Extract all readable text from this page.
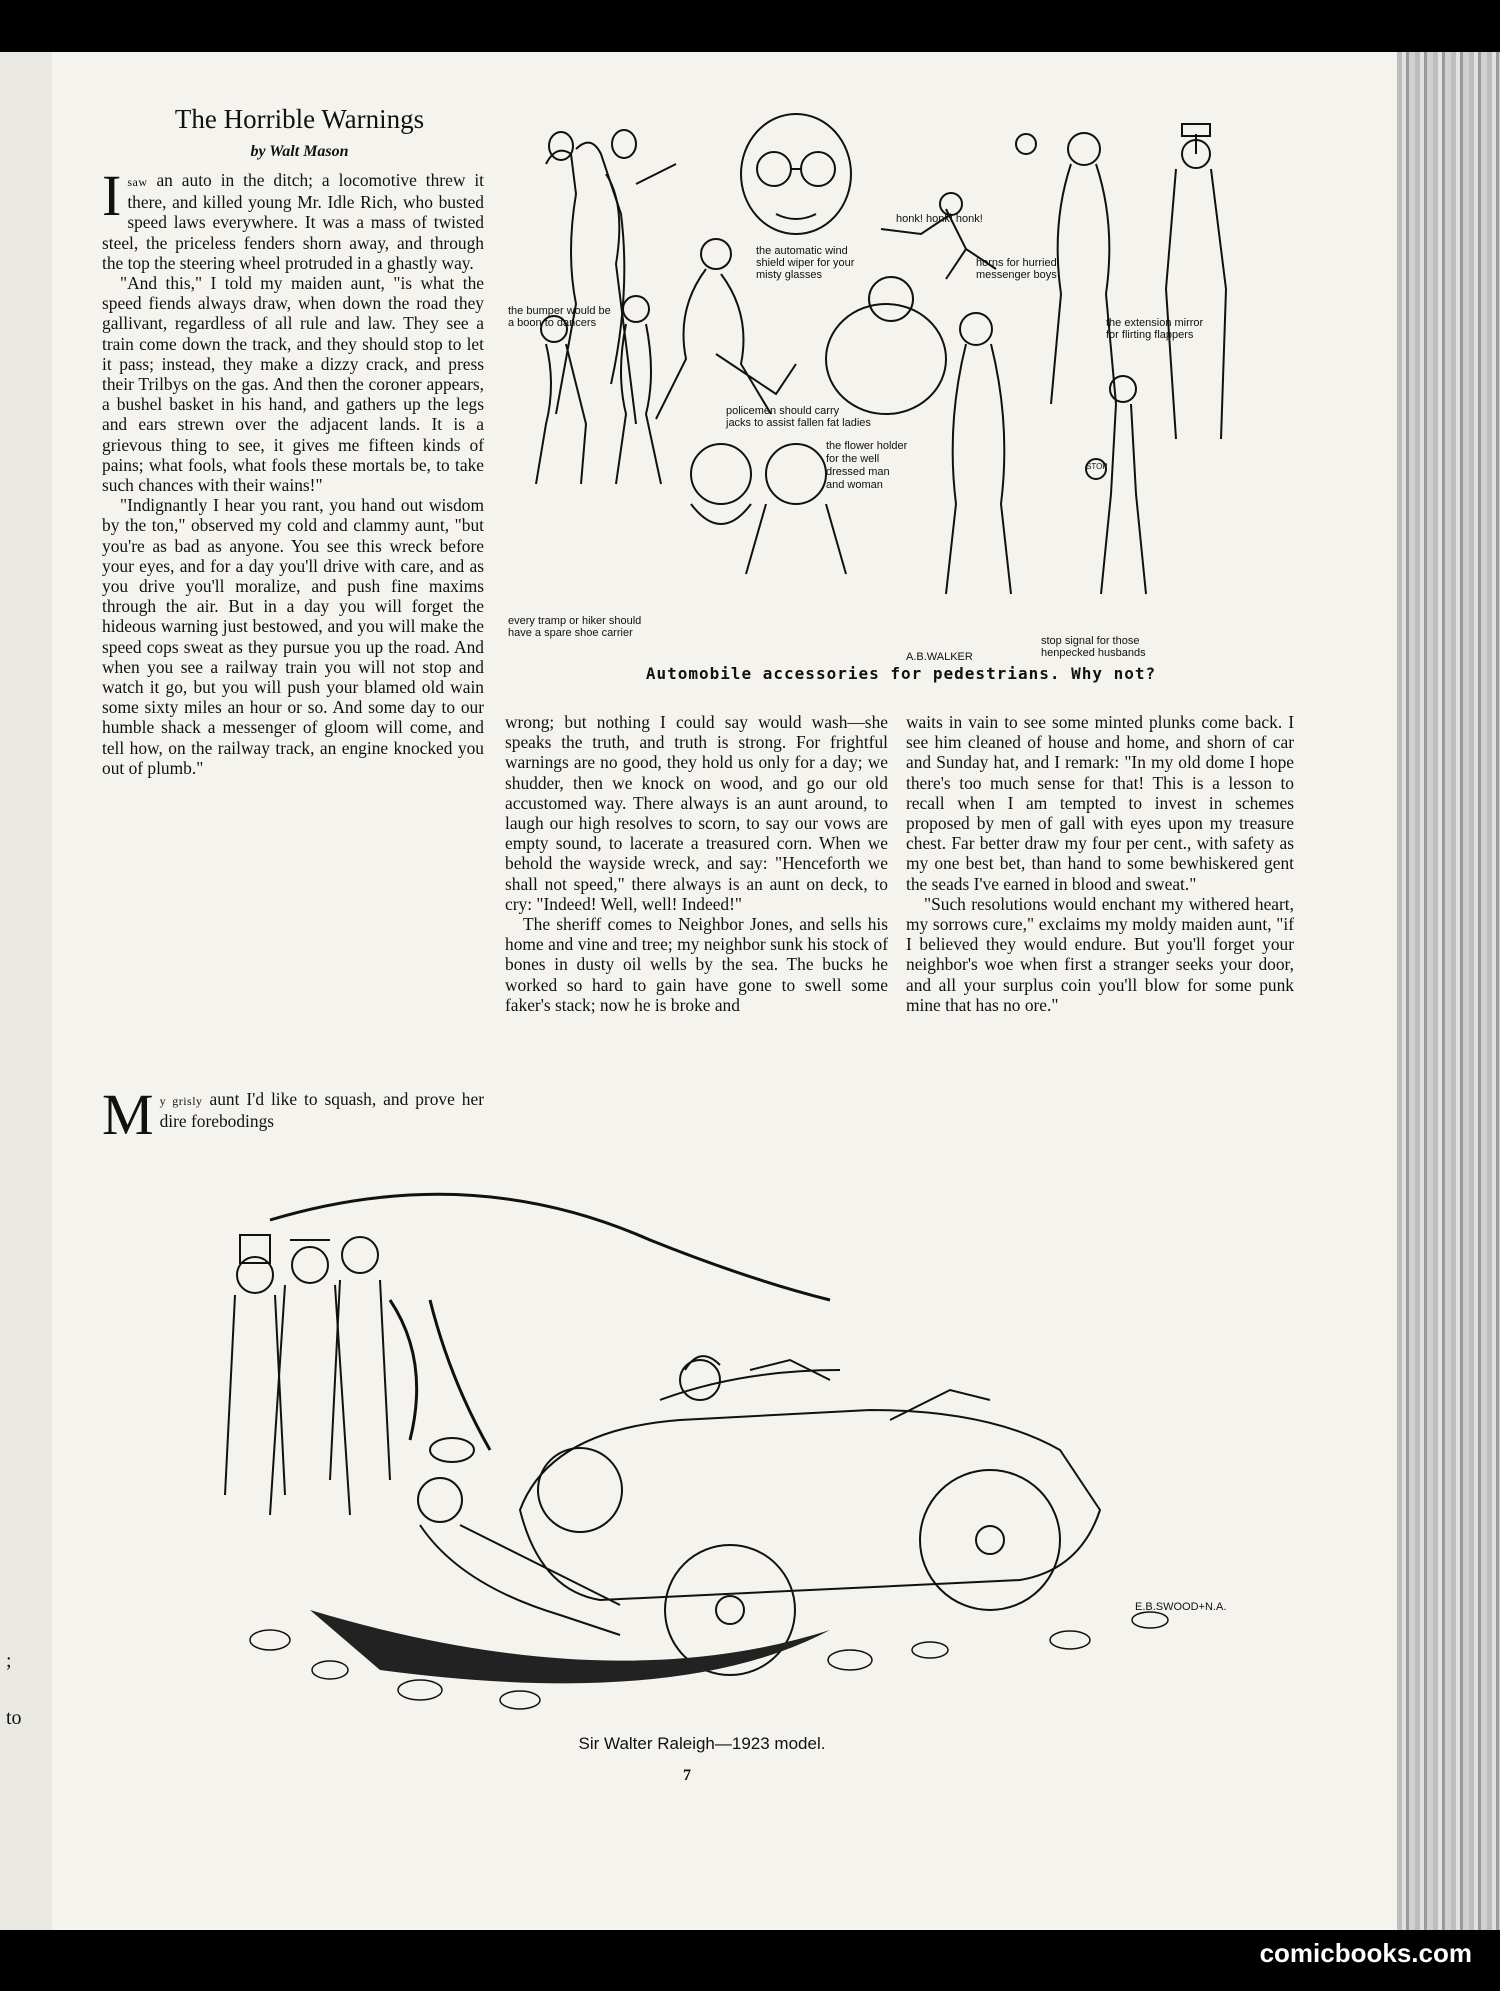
;
to
The Horrible Warnings
by Walt Mason

Isaw an auto in the ditch; a locomotive threw it there, and killed young Mr. Idle Rich, who busted speed laws everywhere. It was a mass of twisted steel, the priceless fenders shorn away, and through the top the steering wheel protruded in a ghastly way.

"And this," I told my maiden aunt, "is what the speed fiends always draw, when down the road they gallivant, regardless of all rule and law. They see a train come down the track, and they should stop to let it pass; instead, they make a dizzy crack, and press their Trilbys on the gas. And then the coroner appears, a bushel basket in his hand, and gathers up the legs and ears strewn over the adjacent lands. It is a grievous thing to see, it gives me fifteen kinds of pains; what fools, what fools these mortals be, to take such chances with their wains!"

"Indignantly I hear you rant, you hand out wisdom by the ton," observed my cold and clammy aunt, "but you're as bad as anyone. You see this wreck before your eyes, and for a day you'll drive with care, and as you drive you'll moralize, and push fine maxims through the air. But in a day you will forget the hideous warning just bestowed, and you will make the speed cops sweat as they pursue you up the road. And when you see a railway train you will not stop and watch it go, but you will push your blamed old wain some sixty miles an hour or so. And some day to our humble shack a messenger of gloom will come, and tell how, on the railway track, an engine knocked you out of plumb."

My grisly aunt I'd like to squash, and prove her dire forebodings

wrong; but nothing I could say would wash—she speaks the truth, and truth is strong. For frightful warnings are no good, they hold us only for a day; we shudder, then we knock on wood, and go our old accustomed way. There always is an aunt around, to laugh our high resolves to scorn, to say our vows are empty sound, to lacerate a treasured corn. When we behold the wayside wreck, and say: "Henceforth we shall not speed," there always is an aunt on deck, to cry: "Indeed! Well, well! Indeed!"

The sheriff comes to Neighbor Jones, and sells his home and vine and tree; my neighbor sunk his stock of bones in dusty oil wells by the sea. The bucks he worked so hard to gain have gone to swell some faker's stack; now he is broke and

waits in vain to see some minted plunks come back. I see him cleaned of house and home, and shorn of car and Sunday hat, and I remark: "In my old dome I hope there's too much sense for that! This is a lesson to recall when I am tempted to invest in schemes proposed by men of gall with eyes upon my treasure chest. Far better draw my four per cent., with safety as my one best bet, than hand to some bewhiskered gent the seads I've earned in blood and sweat."

"Such resolutions would enchant my withered heart, my sorrows cure," exclaims my moldy maiden aunt, "if I believed they would endure. But you'll forget your neighbor's woe when first a stranger seeks your door, and all your surplus coin you'll blow for some punk mine that has no ore."

the bumper would be
a boon to dancers
the automatic wind
shield wiper for your
misty glasses
horns for hurried
messenger boys
honk! honk! honk!
the extension mirror
for flirting flappers
policemen should carry
jacks to assist fallen fat ladies
the flower holder
for the well
dressed man
and woman
every tramp or hiker should
have a spare shoe carrier
stop signal for those
henpecked husbands
A.B.WALKER
STOP
Automobile accessories for pedestrians. Why not?
E.B.SWOOD+N.A.
Sir Walter Raleigh—1923 model.
7
comicbooks.com
